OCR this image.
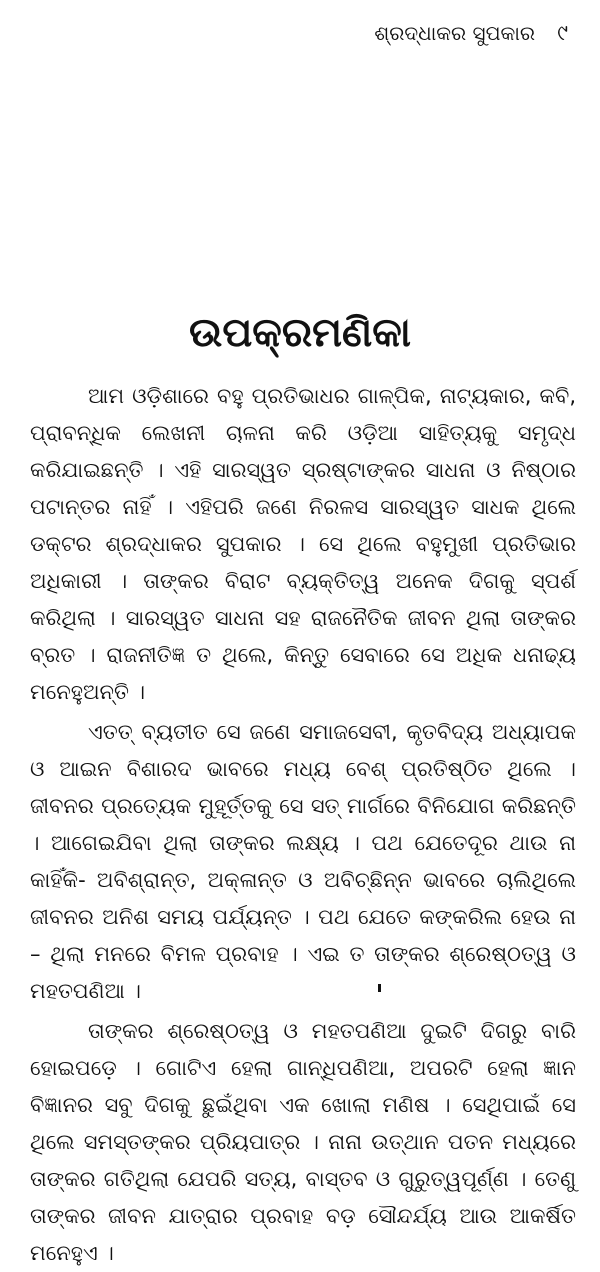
ଶ୍ରଦ୍ଧାକର ସୁପକାର ୯
ଉପକ୍ରମଣିକା

ଆମ ଓଡ଼ିଶାରେ ବହୁ ପ୍ରତିଭାଧର ଗାଳ୍ପିକ, ନାଟ୍ୟକାର, କବି, ପ୍ରାବନ୍ଧିକ ଲେଖନୀ ଚାଳନା କରି ଓଡ଼ିଆ ସାହିତ୍ୟକୁ ସମୃଦ୍ଧ କରିଯାଇଛନ୍ତି । ଏହି ସାରସ୍ୱତ ସ୍ରଷ୍ଟାଙ୍କର ସାଧନା ଓ ନିଷ୍ଠାର ପଟାନ୍ତର ନାହିଁ । ଏହିପରି ଜଣେ ନିରଳସ ସାରସ୍ୱତ ସାଧକ ଥିଲେ ଡକ୍ଟର ଶ୍ରଦ୍ଧାକର ସୁପକାର । ସେ ଥିଲେ ବହୁମୁଖୀ ପ୍ରତିଭାର ଅଧିକାରୀ । ତାଙ୍କର ବିରାଟ ବ୍ୟକ୍ତିତ୍ୱ ଅନେକ ଦିଗକୁ ସ୍ପର୍ଶ କରିଥିଲା । ସାରସ୍ୱତ ସାଧନା ସହ ରାଜନୈତିକ ଜୀବନ ଥିଲା ତାଙ୍କର ବ୍ରତ । ରାଜନୀତିଜ୍ଞ ତ ଥିଲେ, କିନ୍ତୁ ସେବାରେ ସେ ଅଧିକ ଧନାଢ୍ୟ ମନେହୁଅନ୍ତି ।

ଏତତ୍ ବ୍ୟତୀତ ସେ ଜଣେ ସମାଜସେବୀ, କୃତବିଦ୍ୟ ଅଧ୍ୟାପକ ଓ ଆଇନ ବିଶାରଦ ଭାବରେ ମଧ୍ୟ ବେଶ୍ ପ୍ରତିଷ୍ଠିତ ଥିଲେ । ଜୀବନର ପ୍ରତ୍ୟେକ ମୁହୂର୍ତ୍ତକୁ ସେ ସତ୍ ମାର୍ଗରେ ବିନିଯୋଗ କରିଛନ୍ତି । ଆଗେଇଯିବା ଥିଲା ତାଙ୍କର ଲକ୍ଷ୍ୟ । ପଥ ଯେତେଦୂର ଥାଉ ନା କାହିଁକି- ଅବିଶ୍ରାନ୍ତ, ଅକ୍ଳାନ୍ତ ଓ ଅବିଚ୍ଛିନ୍ନ ଭାବରେ ଚାଲିଥିଲେ ଜୀବନର ଅନିଶ ସମୟ ପର୍ଯ୍ୟନ୍ତ । ପଥ ଯେତେ କଙ୍କରିଲ ହେଉ ନା – ଥିଲା ମନରେ ବିମଳ ପ୍ରବାହ । ଏଇ ତ ତାଙ୍କର ଶ୍ରେଷ୍ଠତ୍ୱ ଓ ମହତପଣିଆ ।

ତାଙ୍କର ଶ୍ରେଷ୍ଠତ୍ୱ ଓ ମହତପଣିଆ ଦୁଇଟି ଦିଗରୁ ବାରି ହୋଇପଡ଼େ । ଗୋଟିଏ ହେଲା ଗାନ୍ଧିପଣିଆ, ଅପରଟି ହେଲା ଜ୍ଞାନ ବିଜ୍ଞାନର ସବୁ ଦିଗକୁ ଛୁଇଁଥିବା ଏକ ଖୋଲା ମଣିଷ । ସେଥିପାଇଁ ସେ ଥିଲେ ସମସ୍ତଙ୍କର ପ୍ରିୟପାତ୍ର । ନାନା ଉତ୍‌ଥାନ ପତନ ମଧ୍ୟରେ ତାଙ୍କର ଗତିଥିଲା ଯେପରି ସତ୍ୟ, ବାସ୍ତବ ଓ ଗୁରୁତ୍ୱପୂର୍ଣ୍ଣ । ତେଣୁ ତାଙ୍କର ଜୀବନ ଯାତ୍ରାର ପ୍ରବାହ ବଡ଼ ସୌନ୍ଦର୍ଯ୍ୟ ଆଉ ଆକର୍ଷିତ ମନେହୁଏ ।
